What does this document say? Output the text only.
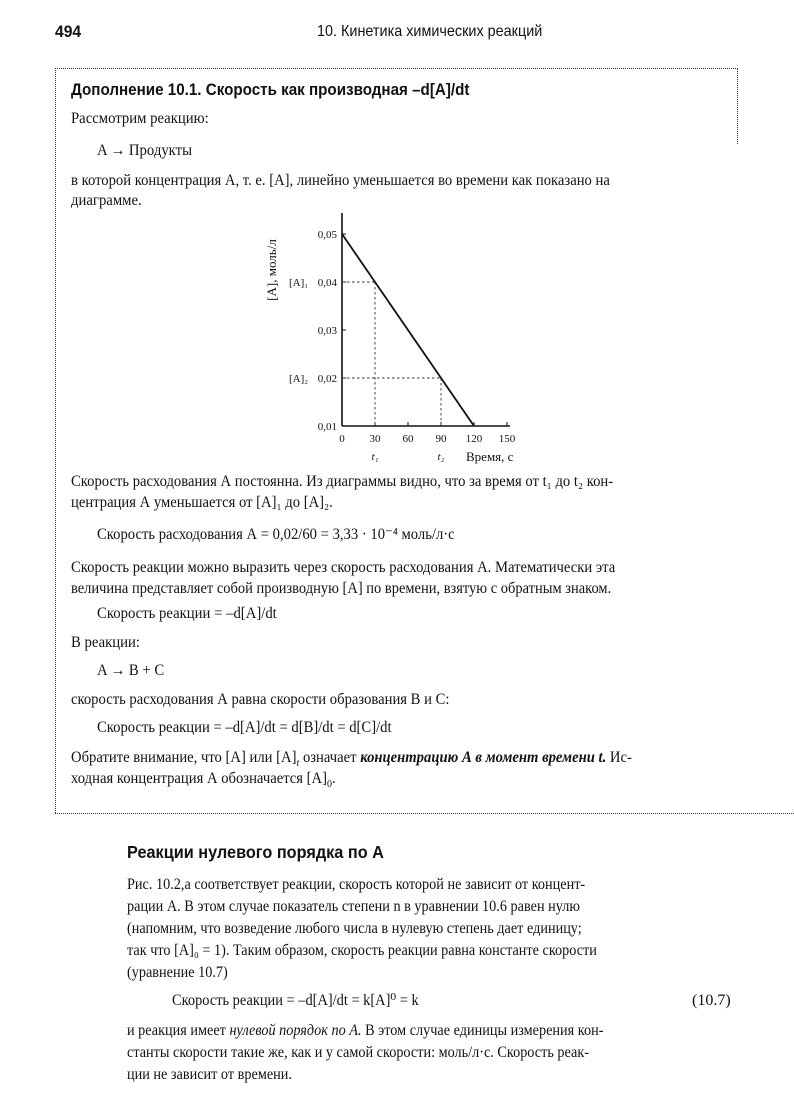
494	10. Кинетика химических реакций
Дополнение 10.1. Скорость как производная –d[A]/dt
Рассмотрим реакцию:
A → Продукты
в которой концентрация А, т. е. [А], линейно уменьшается во времени как показано на
диаграмме.
0,05
0,04
0,03
0,02
0,01
[A]₁
[A]₂
0 30 60 90 120 150
t₁	t₂ Время, с
[A], моль/л
Скорость расходования А постоянна. Из диаграммы видно, что за время от t₁ до t₂ кон-
центрация А уменьшается от [А]₁ до [А]₂.
Скорость расходования А = 0,02/60 = 3,33 · 10⁻⁴ моль/л·с
Скорость реакции можно выразить через скорость расходования А. Математически эта
величина представляет собой производную [А] по времени, взятую с обратным знаком.
Скорость реакции = –d[A]/dt
В реакции:
A → B + C
скорость расходования А равна скорости образования В и С:
Скорость реакции = –d[A]/dt = d[B]/dt = d[C]/dt
Обратите внимание, что [А] или $[А]_t$ означает концентрацию А в момент времени t. Ис-
ходная концентрация А обозначается $[А]_0$.
Реакции нулевого порядка по А
Рис. 10.2,а соответствует реакции, скорость которой не зависит от концент-
рации А. В этом случае показатель степени n в уравнении 10.6 равен нулю
(напомним, что возведение любого числа в нулевую степень дает единицу;
так что [А]₀ = 1). Таким образом, скорость реакции равна константе скорости
(уравнение 10.7)
Скорость реакции = –d[A]/dt = k[A]⁰ = k	(10.7)
и реакция имеет нулевой порядок по А. В этом случае единицы измерения кон-
станты скорости такие же, как и у самой скорости: моль/л·с. Скорость реак-
ции не зависит от времени.
